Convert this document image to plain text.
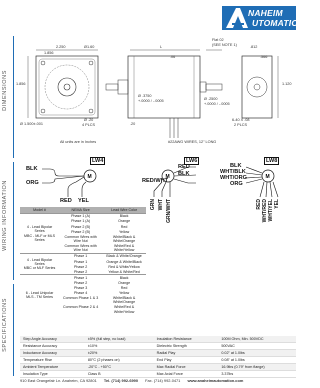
NAHEIM
UTOMATION
DIMENSIONS
WIRING INFORMATION
SPECIFICATIONS
2.250	Ø1.60	L
Flat 02
(SEE NOTE 1)	.812
1.856
.06	.566
1.856	1.120
Ø .3750
+.0000 / -.0005	Ø .2500
+.0000 / -.0005
Ø 1.500±.001
Ø .20
4 PLCS	.20
6-40 X .08
2 PLCS
#22AWG WIRES, 12" LONG
All units are in Inches
M	M	M
LW4
BLK
ORG
RED YEL
LW6
RED
BLK
RED/WHT
GRN WHT GRN/WHT
LW8
BLK
WHT/BLK
WHT/ORG
ORG
RED WHT/RED WHT/YEL YEL
Model #	NEMA Size	Lead Wire Color
4 - Lead Bipolar Series
MBC - MLF or MLS Series	Phase 1 (A)	Black
	Phase 1 (A)	Orange
	Phase 2 (B)	Red
	Phase 2 (B)	Yellow
	Common Wires with Wire Nut	White/Black & White/Orange
	Common Wires with Wire Nut	White/Red & White/Yellow
4 - Lead Bipolar Series
MBC or MLF Series	Phase 1	Black & White/Orange
	Phase 1	Orange & White/Black
	Phase 2	Red & White/Yellow
	Phase 2	Yellow & White/Red
6 - Lead Unipolar
MLS - TM Series	Phase 1	Black
	Phase 2	Orange
	Phase 3	Red
	Phase 4	Yellow
	Common Phase 1 & 3	White/Black & White/Orange
	Common Phase 2 & 4	White/Red & White/Yellow
Step Angle Accuracy	±5% (full step, no load)	Insulation Resistance	100M Ohm, Min. 500VDC
Resistance Accuracy	±10%	Dielectric Strength	500VAC
Inductance Accuracy	±20%	Radial Play	0.02" at 1.0lbs
Temperature Rise	80°C (2 phases on)	End Play	0.08" at 1.0lbs
Ambient Temperature	-20°C - +50°C	Max Radial Force	16.9lbs (0.79" from flange)
Insulation Type	Class B	Max Axial Force	3.37lbs
910 East Orangefair Ln. Anaheim, CA 92801 Tel. (714) 992-6990 Fax. (714) 992-0471 www.anaheimautomation.com
